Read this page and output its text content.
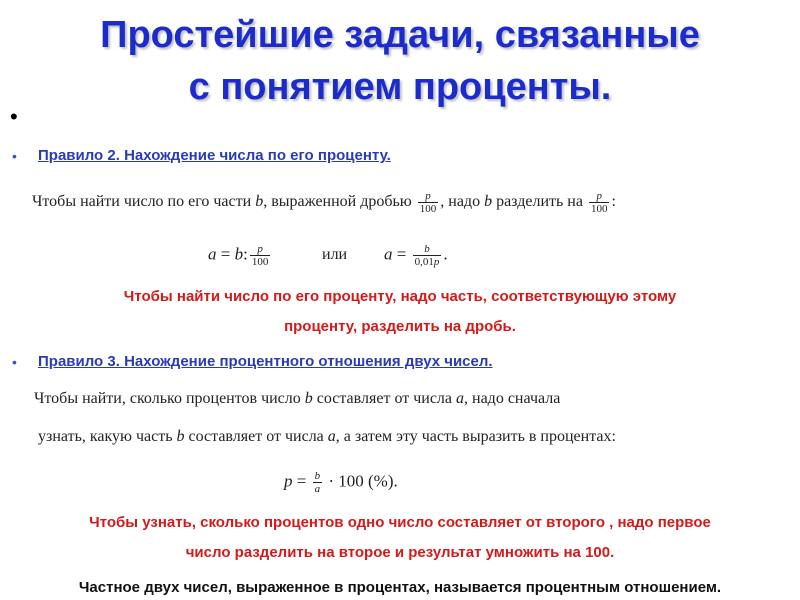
Простейшие задачи, связанные
с понятием проценты.
•
• Правило 2. Нахождение числа по его проценту.
Чтобы найти число по его части b, выраженной дробью $\frac{p}{100}$ , надо b разделить на $\frac{p}{100}$ :
a = b: $\frac{p}{100}$	или $a = \frac{b}{0,01p}$ .
Чтобы найти число по его проценту, надо часть, соответствующую этому
проценту, разделить на дробь.
• Правило 3. Нахождение процентного отношения двух чисел.
Чтобы найти, сколько процентов число b составляет от числа a, надо сначала
узнать, какую часть b составляет от числа a, а затем эту часть выразить в процентах:
$p = \frac{b}{a} \cdot 100$ (%).
Чтобы узнать, сколько процентов одно число составляет от второго , надо первое
число разделить на второе и результат умножить на 100.
Частное двух чисел, выраженное в процентах, называется процентным отношением.
